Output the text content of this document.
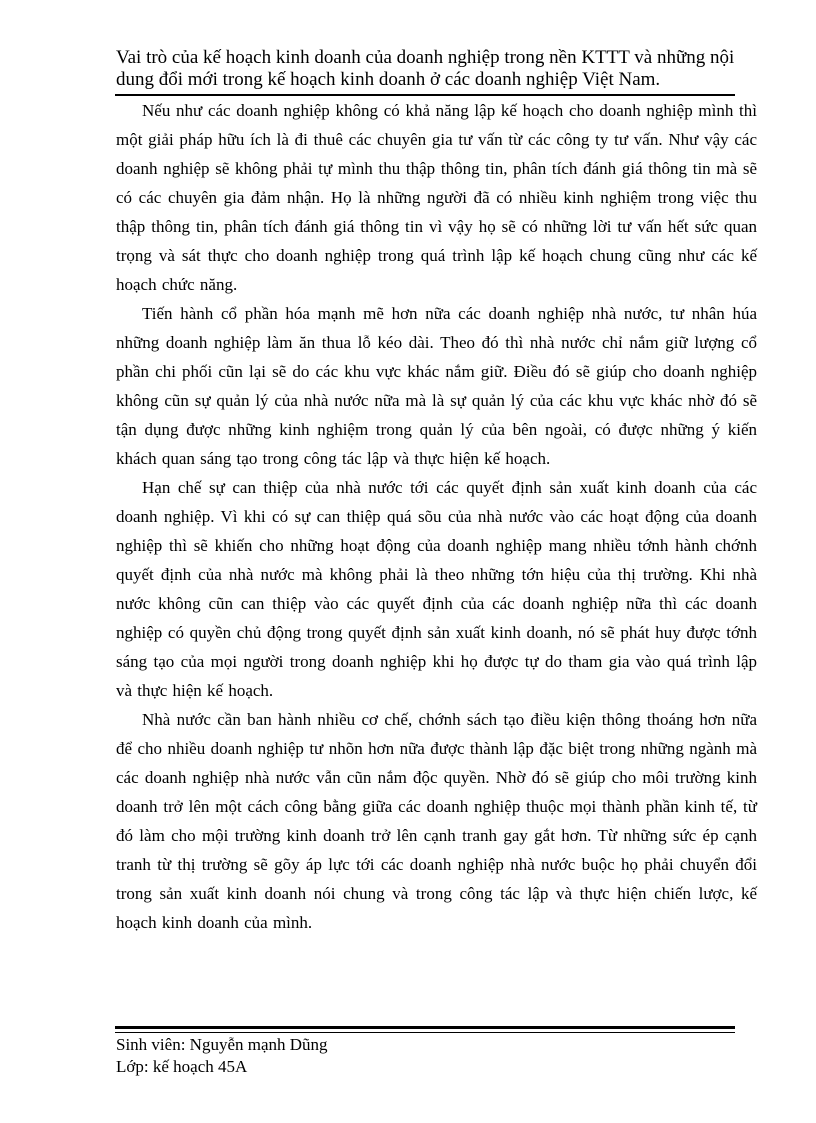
Vai trò của kế hoạch kinh doanh của doanh nghiệp trong nền KTTT và những nội dung đổi mới trong kế hoạch kinh doanh ở các doanh nghiệp Việt Nam.

Nếu như các doanh nghiệp không có khả năng lập kế hoạch cho doanh nghiệp mình thì một giải pháp hữu ích là đi thuê các chuyên gia tư vấn từ các công ty tư vấn. Như vậy các doanh nghiệp sẽ không phải tự mình thu thập thông tin, phân tích đánh giá thông tin mà sẽ có các chuyên gia đảm nhận. Họ là những người đã có nhiều kinh nghiệm trong việc thu thập thông tin, phân tích đánh giá thông tin vì vậy họ sẽ có những lời tư vấn hết sức quan trọng và sát thực cho doanh nghiệp trong quá trình lập kế hoạch chung cũng như các kế hoạch chức năng.

Tiến hành cổ phần hóa mạnh mẽ hơn nữa các doanh nghiệp nhà nước, tư nhân húa những doanh nghiệp làm ăn thua lỗ kéo dài. Theo đó thì nhà nước chỉ nắm giữ lượng cổ phần chi phối cũn lại sẽ do các khu vực khác nắm giữ. Điều đó sẽ giúp cho doanh nghiệp không cũn sự quản lý của nhà nước nữa mà là sự quản lý của các khu vực khác nhờ đó sẽ tận dụng được những kinh nghiệm trong quản lý của bên ngoài, có được những ý kiến khách quan sáng tạo trong công tác lập và thực hiện kế hoạch.

Hạn chế sự can thiệp của nhà nước tới các quyết định sản xuất kinh doanh của các doanh nghiệp. Vì khi có sự can thiệp quá sõu của nhà nước vào các hoạt động của doanh nghiệp thì sẽ khiến cho những hoạt động của doanh nghiệp mang nhiều tớnh hành chớnh quyết định của nhà nước mà không phải là theo những tớn hiệu của thị trường. Khi nhà nước không cũn can thiệp vào các quyết định của các doanh nghiệp nữa thì các doanh nghiệp có quyền chủ động trong quyết định sản xuất kinh doanh, nó sẽ phát huy được tớnh sáng tạo của mọi người trong doanh nghiệp khi họ được tự do tham gia vào quá trình lập và thực hiện kế hoạch.

Nhà nước cần ban hành nhiều cơ chế, chớnh sách tạo điều kiện thông thoáng hơn nữa để cho nhiều doanh nghiệp tư nhõn hơn nữa được thành lập đặc biệt trong những ngành mà các doanh nghiệp nhà nước vẫn cũn nắm độc quyền. Nhờ đó sẽ giúp cho môi trường kinh doanh trở lên một cách công bằng giữa các doanh nghiệp thuộc mọi thành phần kinh tế, từ đó làm cho mội trường kinh doanh trở lên cạnh tranh gay gắt hơn. Từ những sức ép cạnh tranh từ thị trường sẽ gõy áp lực tới các doanh nghiệp nhà nước buộc họ phải chuyển đổi trong sản xuất kinh doanh nói chung và trong công tác lập và thực hiện chiến lược, kế hoạch kinh doanh của mình.

Sinh viên: Nguyễn mạnh Dũng
Lớp: kế hoạch 45A
